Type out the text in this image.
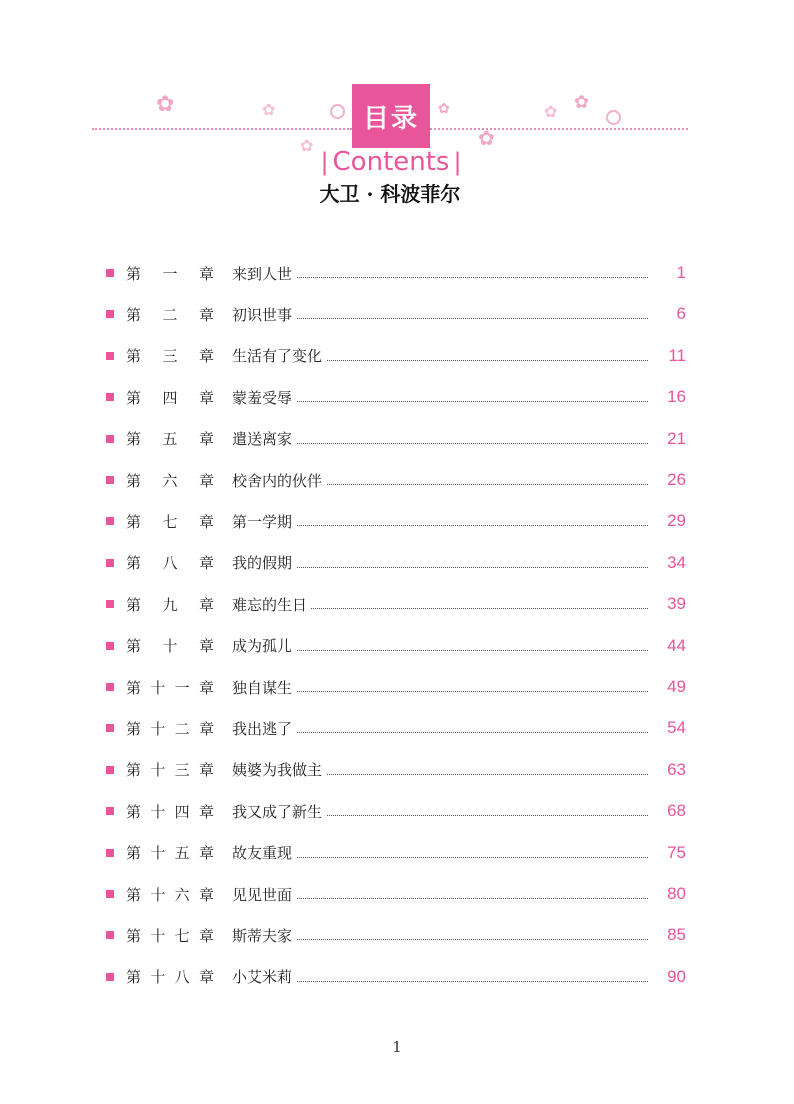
✿	✿
✿
✿
✿
✿ ✿
目录
| Contents |
大卫 · 科波菲尔
第 一 章 来到人世	1
第 二 章 初识世事	6
第 三 章 生活有了变化	11
第 四 章 蒙羞受辱	16
第 五 章 遣送离家	21
第 六 章 校舍内的伙伴	26
第 七 章 第一学期	29
第 八 章 我的假期	34
第 九 章 难忘的生日	39
第 十 章 成为孤儿	44
第 十 一 章 独自谋生	49
第 十 二 章 我出逃了	54
第 十 三 章 姨婆为我做主	63
第 十 四 章 我又成了新生	68
第 十 五 章 故友重现	75
第 十 六 章 见见世面	80
第 十 七 章 斯蒂夫家	85
第 十 八 章 小艾米莉	90
1
